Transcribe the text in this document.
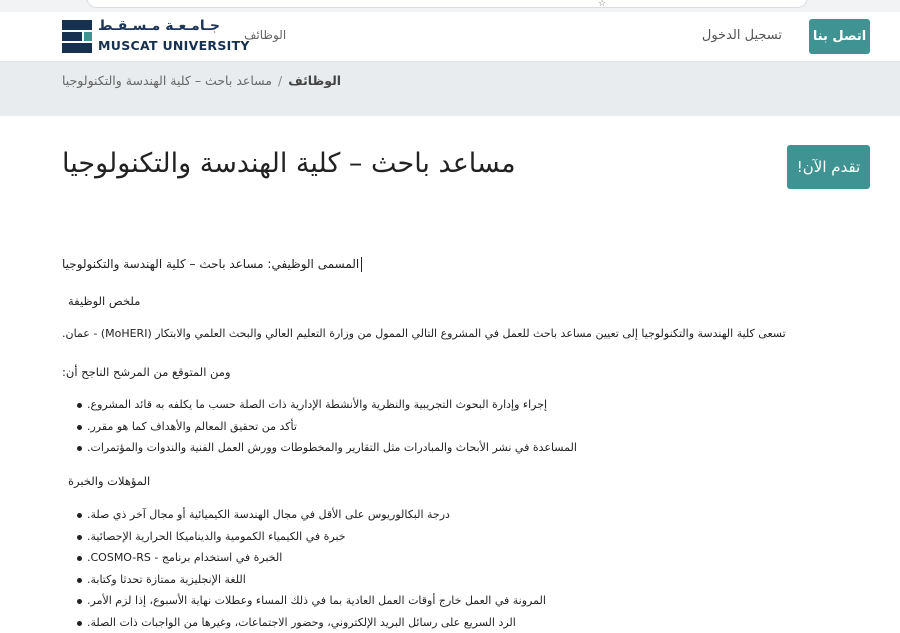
☆
جـامـعـة مـسـقـط
MUSCAT UNIVERSITY
الوظائف	تسجيل الدخول اتصل بنا
الوظائف/مساعد باحث – كلية الهندسة والتكنولوجيا
مساعد باحث – كلية الهندسة والتكنولوجيا	!تقدم الآن
المسمى الوظيفي: مساعد باحث – كلية الهندسة والتكنولوجيا
ملخص الوظيفة
.عمان - (MoHERI) تسعى كلية الهندسة والتكنولوجيا إلى تعيين مساعد باحث للعمل في المشروع التالي الممول من وزارة التعليم العالي والبحث العلمي والابتكار
:ومن المتوقع من المرشح الناجح أن
.إجراء وإدارة البحوث التجريبية والنظرية والأنشطة الإدارية ذات الصلة حسب ما يكلفه به قائد المشروع
.تأكد من تحقيق المعالم والأهداف كما هو مقرر
.المساعدة في نشر الأبحاث والمبادرات مثل التقارير والمخطوطات وورش العمل الفنية والندوات والمؤتمرات
المؤهلات والخبرة
.درجة البكالوريوس على الأقل في مجال الهندسة الكيميائية أو مجال آخر ذي صلة
.خبرة في الكيمياء الكمومية والديناميكا الحرارية الإحصائية
.COSMO-RS - الخبرة في استخدام برنامج
.اللغة الإنجليزية ممتازة تحدثا وكتابة
.المرونة في العمل خارج أوقات العمل العادية بما في ذلك المساء وعطلات نهاية الأسبوع، إذا لزم الأمر
.الرد السريع على رسائل البريد الإلكتروني، وحضور الاجتماعات، وغيرها من الواجبات ذات الصلة
